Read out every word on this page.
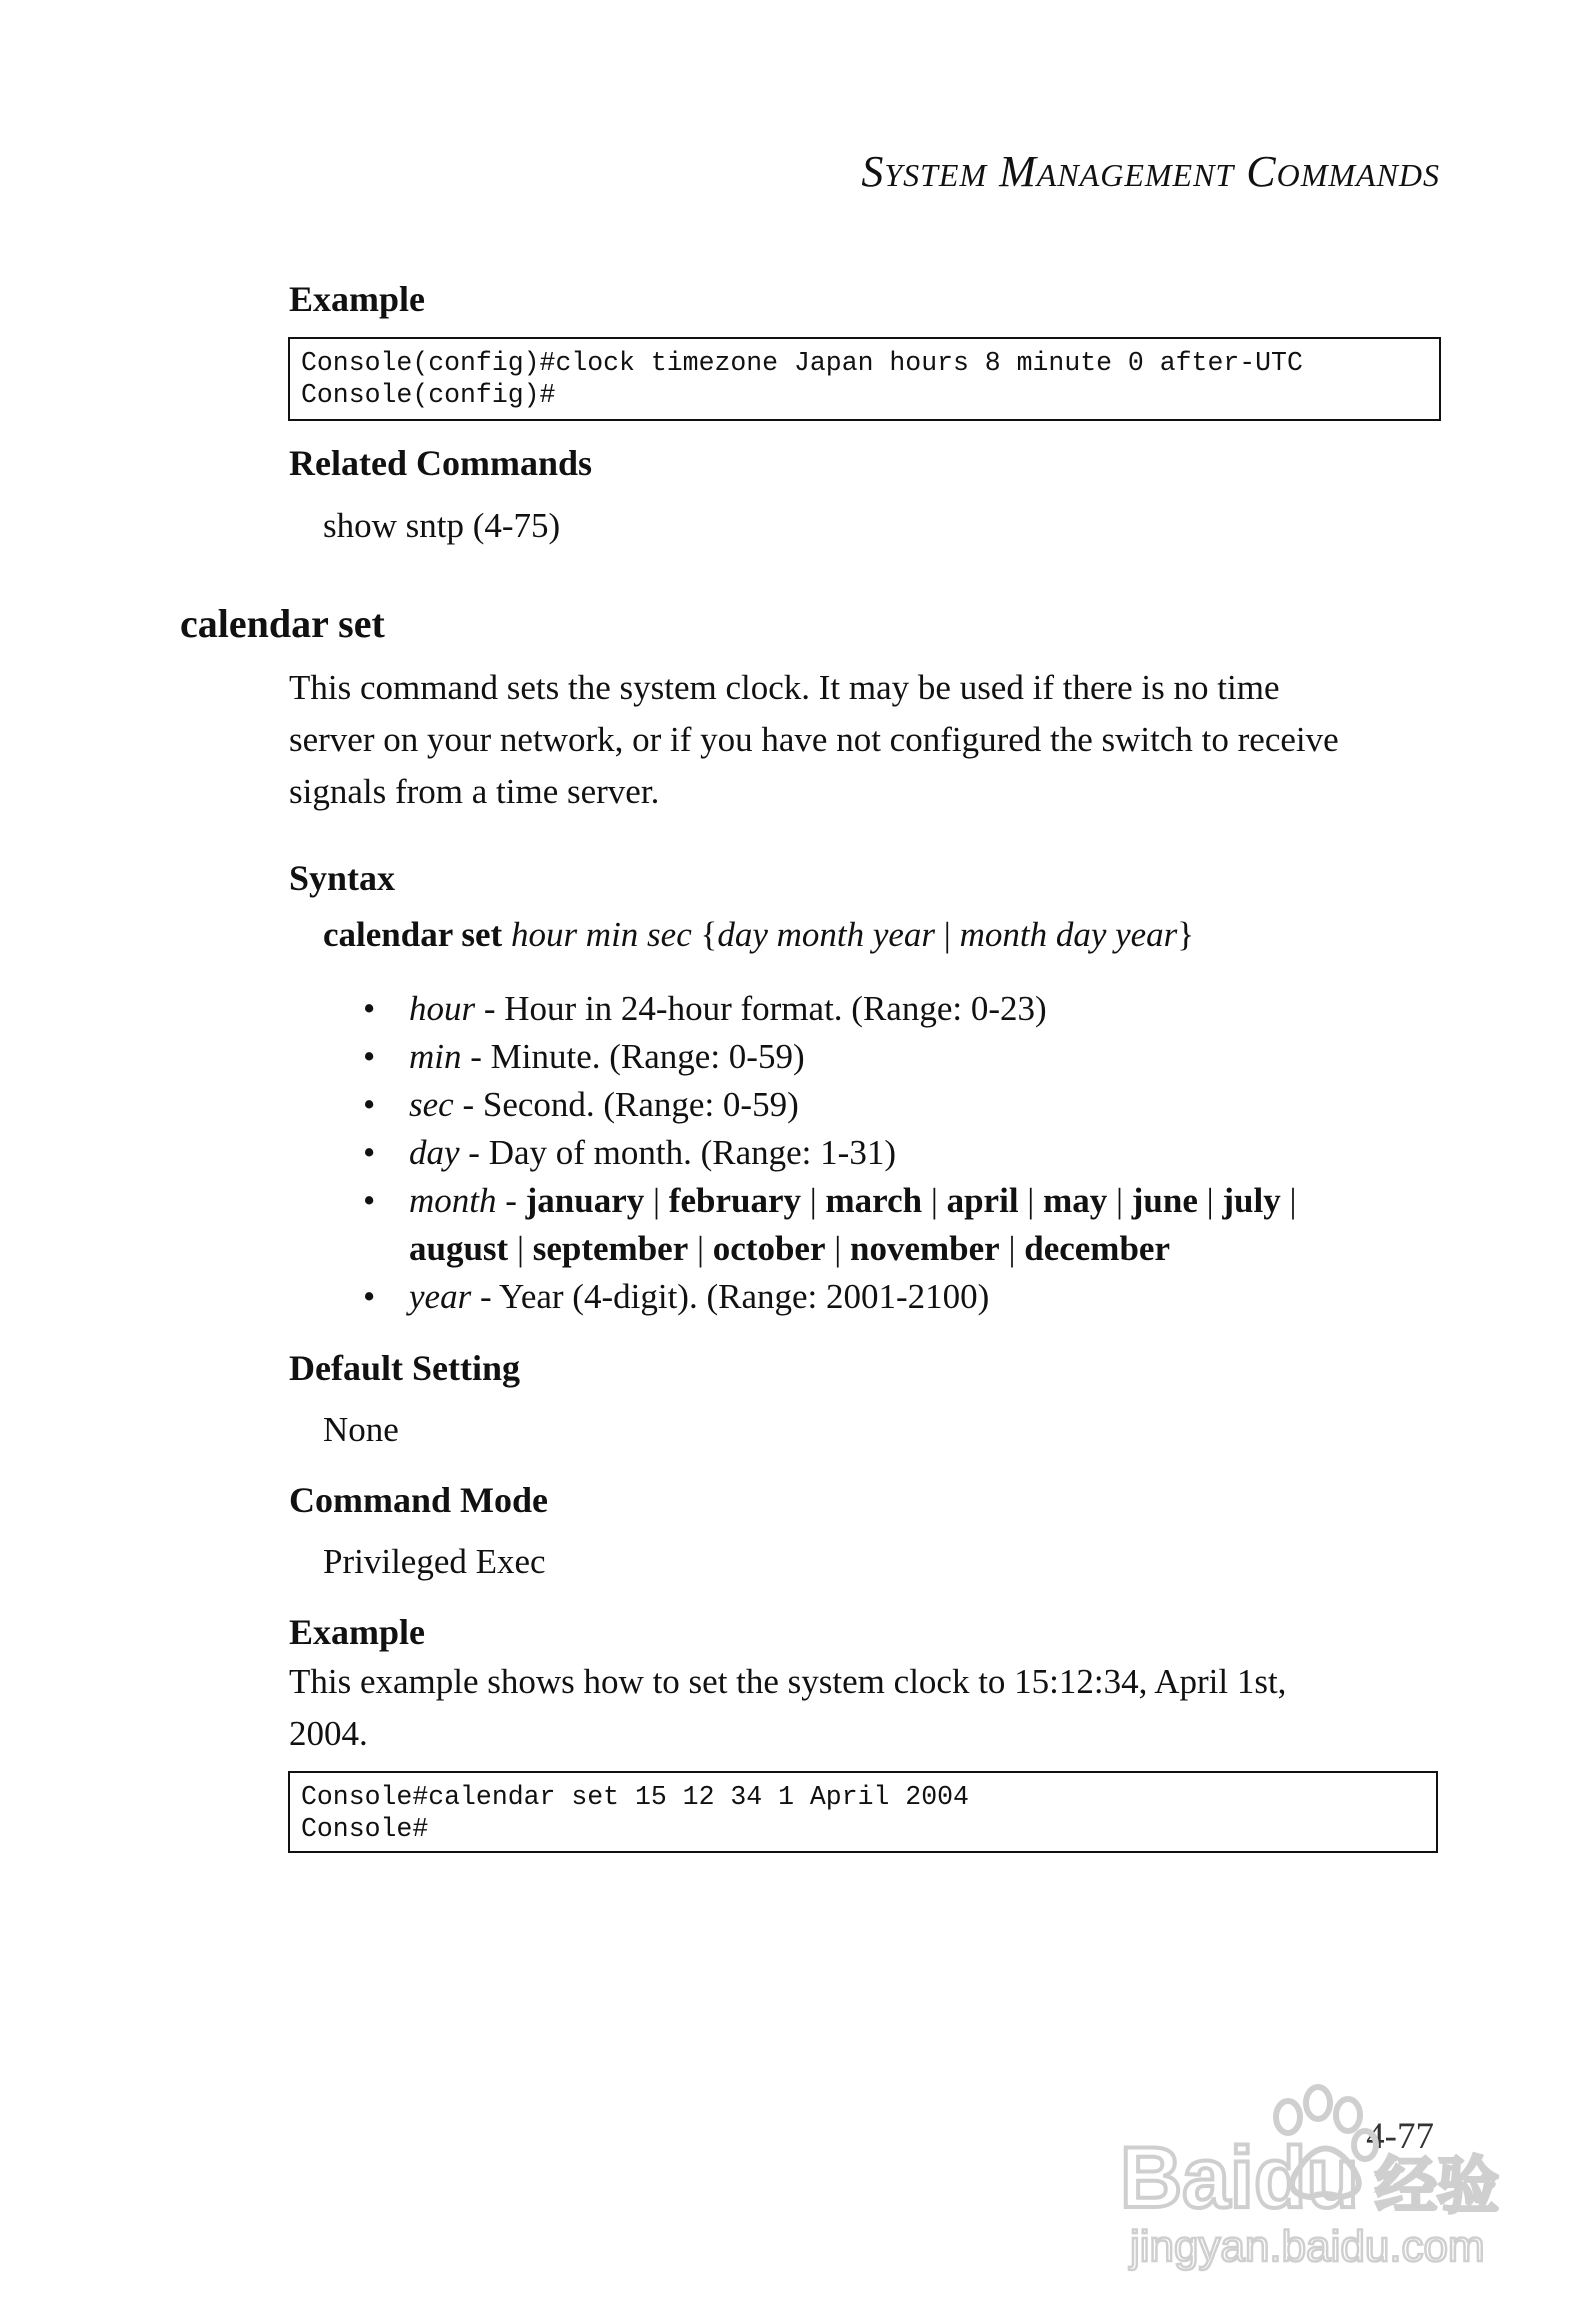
SYSTEM MANAGEMENT COMMANDS
Example
Console(config)#clock timezone Japan hours 8 minute 0 after-UTC
Console(config)#
Related Commands
show sntp (4-75)
calendar set
This command sets the system clock. It may be used if there is no time
server on your network, or if you have not configured the switch to receive
signals from a time server.
Syntax
calendar set hour min sec {day month year | month day year}
• hour - Hour in 24-hour format. (Range: 0-23)
• min - Minute. (Range: 0-59)
• sec - Second. (Range: 0-59)
• day - Day of month. (Range: 1-31)
• month - january | february | march | april | may | june | july |
august | september | october | november | december
• year - Year (4-digit). (Range: 2001-2100)
Default Setting
None
Command Mode
Privileged Exec
Example
This example shows how to set the system clock to 15:12:34, April 1st,
2004.
Console#calendar set 15 12 34 1 April 2004
Console#
4-77
Baidu 经验
jingyan.baidu.com
